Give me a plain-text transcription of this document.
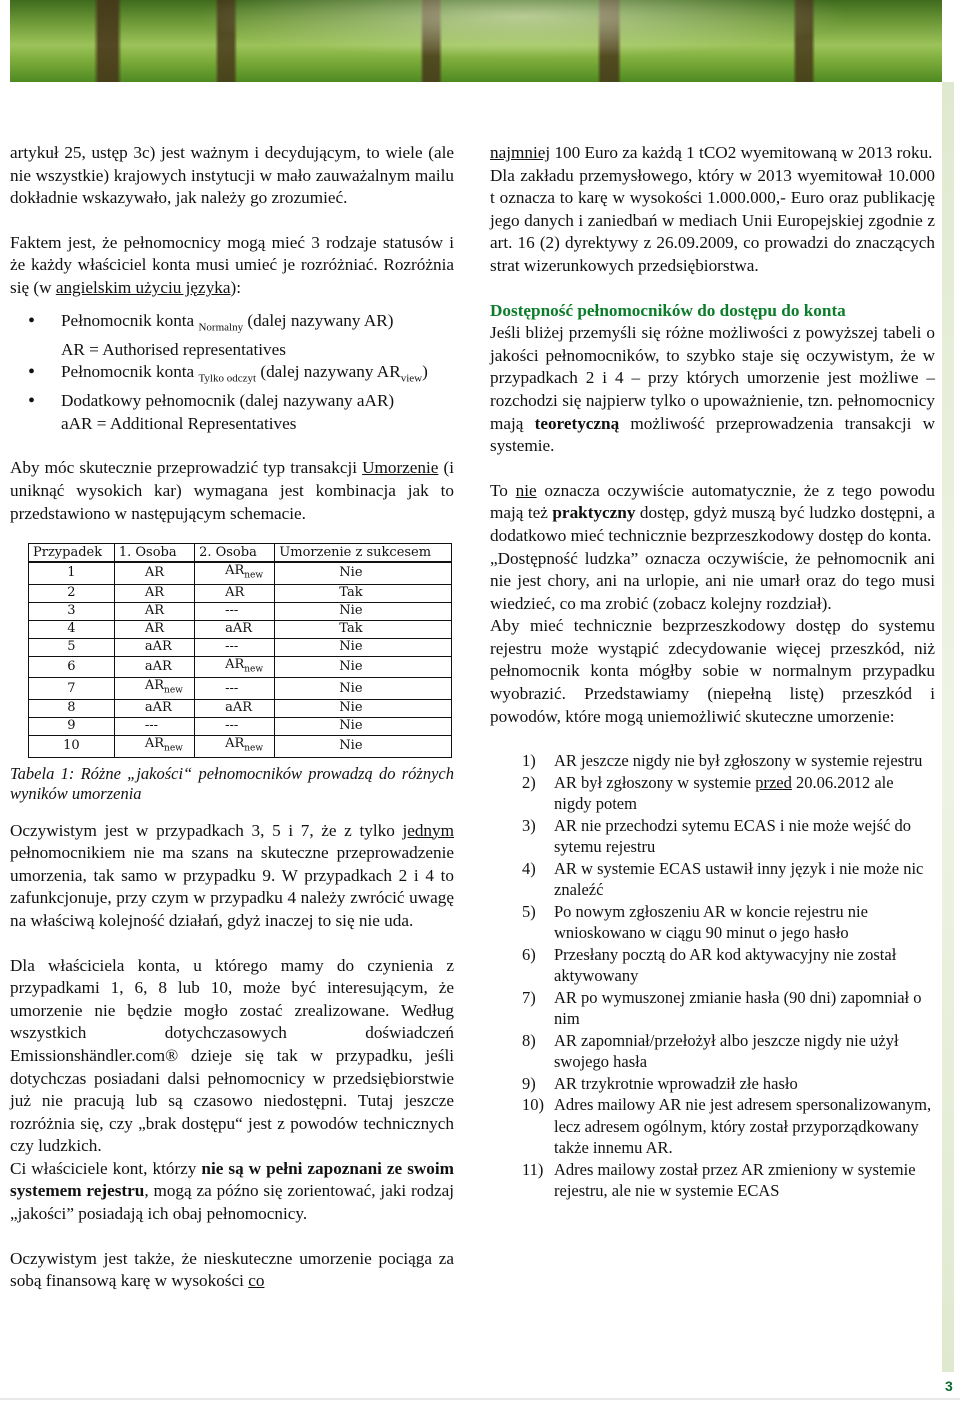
artykuł 25, ustęp 3c) jest ważnym i decydującym, to wiele (ale nie wszystkie) krajowych instytucji w mało zauważalnym mailu dokładnie wskazywało, jak należy go zrozumieć.

Faktem jest, że pełnomocnicy mogą mieć 3 rodzaje statusów i że każdy właściciel konta musi umieć je rozróżniać. Rozróżnia się (w angielskim użyciu języka):

• Pełnomocnik konta $_{Normalny}$ (dalej nazywany AR)
AR = Authorised representatives
• Pełnomocnik konta $_{Tylko odczyt}$ (dalej nazywany $AR_{view}$)
• Dodatkowy pełnomocnik (dalej nazywany aAR)
aAR = Additional Representatives

Aby móc skutecznie przeprowadzić typ transakcji Umorzenie (i uniknąć wysokich kar) wymagana jest kombinacja jak to przedstawiono w następującym schemacie.

Przypadek	1. Osoba	2. Osoba	Umorzenie z sukcesem
1	AR	$AR_{new}$	Nie
2	AR	AR	Tak
3	AR	---	Nie
4	AR	aAR	Tak
5	aAR	---	Nie
6	aAR	$AR_{new}$	Nie
7	$AR_{new}$	---	Nie
8	aAR	aAR	Nie
9	---	---	Nie
10	$AR_{new}$	$AR_{new}$	Nie

Tabela 1: Różne „jakości“ pełnomocników prowadzą do różnych wyników umorzenia

Oczywistym jest w przypadkach 3, 5 i 7, że z tylko jednym pełnomocnikiem nie ma szans na skuteczne przeprowadzenie umorzenia, tak samo w przypadku 9. W przypadkach 2 i 4 to zafunkcjonuje, przy czym w przypadku 4 należy zwrócić uwagę na właściwą kolejność działań, gdyż inaczej to się nie uda.

Dla właściciela konta, u którego mamy do czynienia z przypadkami 1, 6, 8 lub 10, może być interesującym, że umorzenie nie będzie mogło zostać zrealizowane. Według wszystkich dotychczasowych doświadczeń Emissionshändler.com® dzieje się tak w przypadku, jeśli dotychczas posiadani dalsi pełnomocnicy w przedsiębiorstwie już nie pracują lub są czasowo niedostępni. Tutaj jeszcze rozróżnia się, czy „brak dostępu“ jest z powodów technicznych czy ludzkich.

Ci właściciele kont, którzy nie są w pełni zapoznani ze swoim systemem rejestru, mogą za późno się zorientować, jaki rodzaj „jakości” posiadają ich obaj pełnomocnicy.

Oczywistym jest także, że nieskuteczne umorzenie pociąga za sobą finansową karę w wysokości co

najmniej 100 Euro za każdą 1 tCO2 wyemitowaną w 2013 roku.

Dla zakładu przemysłowego, który w 2013 wyemitował 10.000 t oznacza to karę w wysokości 1.000.000,- Euro oraz publikację jego danych i zaniedbań w mediach Unii Europejskiej zgodnie z art. 16 (2) dyrektywy z 26.09.2009, co prowadzi do znaczących strat wizerunkowych przedsiębiorstwa.

Dostępność pełnomocników do dostępu do konta

Jeśli bliżej przemyśli się różne możliwości z powyższej tabeli o jakości pełnomocników, to szybko staje się oczywistym, że w przypadkach 2 i 4 – przy których umorzenie jest możliwe – rozchodzi się najpierw tylko o upoważnienie, tzn. pełnomocnicy mają teoretyczną możliwość przeprowadzenia transakcji w systemie.

To nie oznacza oczywiście automatycznie, że z tego powodu mają też praktyczny dostęp, gdyż muszą być ludzko dostępni, a dodatkowo mieć technicznie bezprzeszkodowy dostęp do konta.

„Dostępność ludzka” oznacza oczywiście, że pełnomocnik ani nie jest chory, ani na urlopie, ani nie umarł oraz do tego musi wiedzieć, co ma zrobić (zobacz kolejny rozdział).

Aby mieć technicznie bezprzeszkodowy dostęp do systemu rejestru może wystąpić zdecydowanie więcej przeszkód, niż pełnomocnik konta mógłby sobie w normalnym przypadku wyobrazić. Przedstawiamy (niepełną listę) przeszkód i powodów, które mogą uniemożliwić skuteczne umorzenie:

1) AR jeszcze nigdy nie był zgłoszony w systemie rejestru
2) AR był zgłoszony w systemie przed 20.06.2012 ale nigdy potem
3) AR nie przechodzi sytemu ECAS i nie może wejść do sytemu rejestru
4) AR w systemie ECAS ustawił inny język i nie może nic znaleźć
5) Po nowym zgłoszeniu AR w koncie rejestru nie wnioskowano w ciągu 90 minut o jego hasło
6) Przesłany pocztą do AR kod aktywacyjny nie został aktywowany
7) AR po wymuszonej zmianie hasła (90 dni) zapomniał o nim
8) AR zapomniał/przełożył albo jeszcze nigdy nie użył swojego hasła
9) AR trzykrotnie wprowadził złe hasło
10) Adres mailowy AR nie jest adresem spersonalizowanym, lecz adresem ogólnym, który został przyporządkowany także innemu AR.
11) Adres mailowy został przez AR zmieniony w systemie rejestru, ale nie w systemie ECAS
3
